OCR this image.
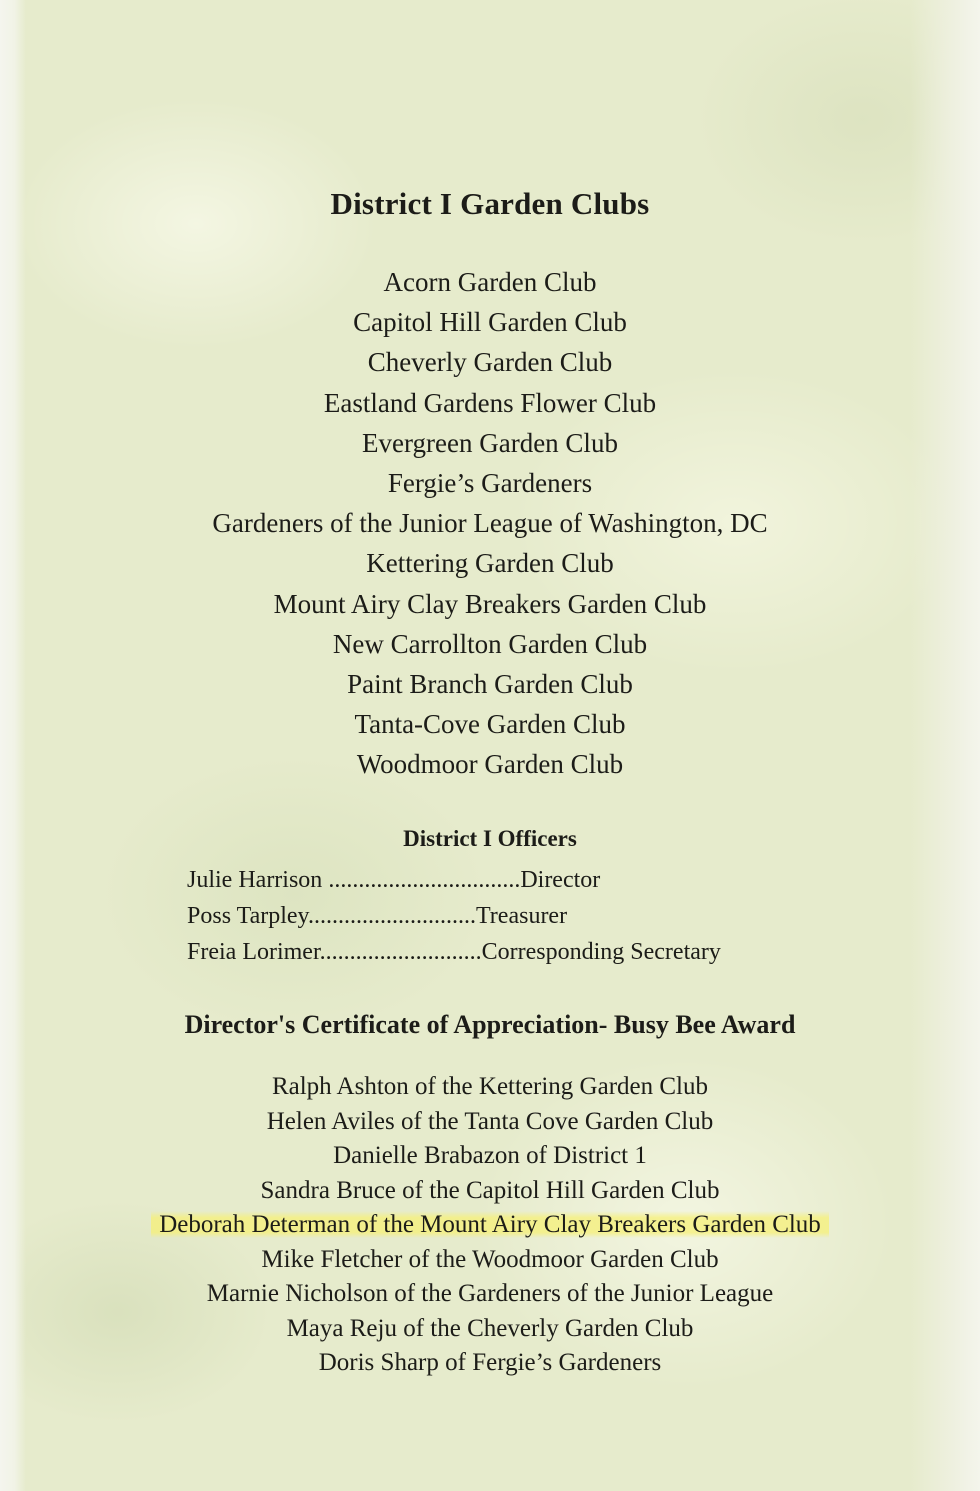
District I Garden Clubs
Acorn Garden Club
Capitol Hill Garden Club
Cheverly Garden Club
Eastland Gardens Flower Club
Evergreen Garden Club
Fergie’s Gardeners
Gardeners of the Junior League of Washington, DC
Kettering Garden Club
Mount Airy Clay Breakers Garden Club
New Carrollton Garden Club
Paint Branch Garden Club
Tanta-Cove Garden Club
Woodmoor Garden Club
District I Officers
Julie Harrison ................................Director
Poss Tarpley............................Treasurer
Freia Lorimer...........................Corresponding Secretary
Director's Certificate of Appreciation- Busy Bee Award
Ralph Ashton of the Kettering Garden Club
Helen Aviles of the Tanta Cove Garden Club
Danielle Brabazon of District 1
Sandra Bruce of the Capitol Hill Garden Club
Deborah Determan of the Mount Airy Clay Breakers Garden Club
Mike Fletcher of the Woodmoor Garden Club
Marnie Nicholson of the Gardeners of the Junior League
Maya Reju of the Cheverly Garden Club
Doris Sharp of Fergie’s Gardeners
